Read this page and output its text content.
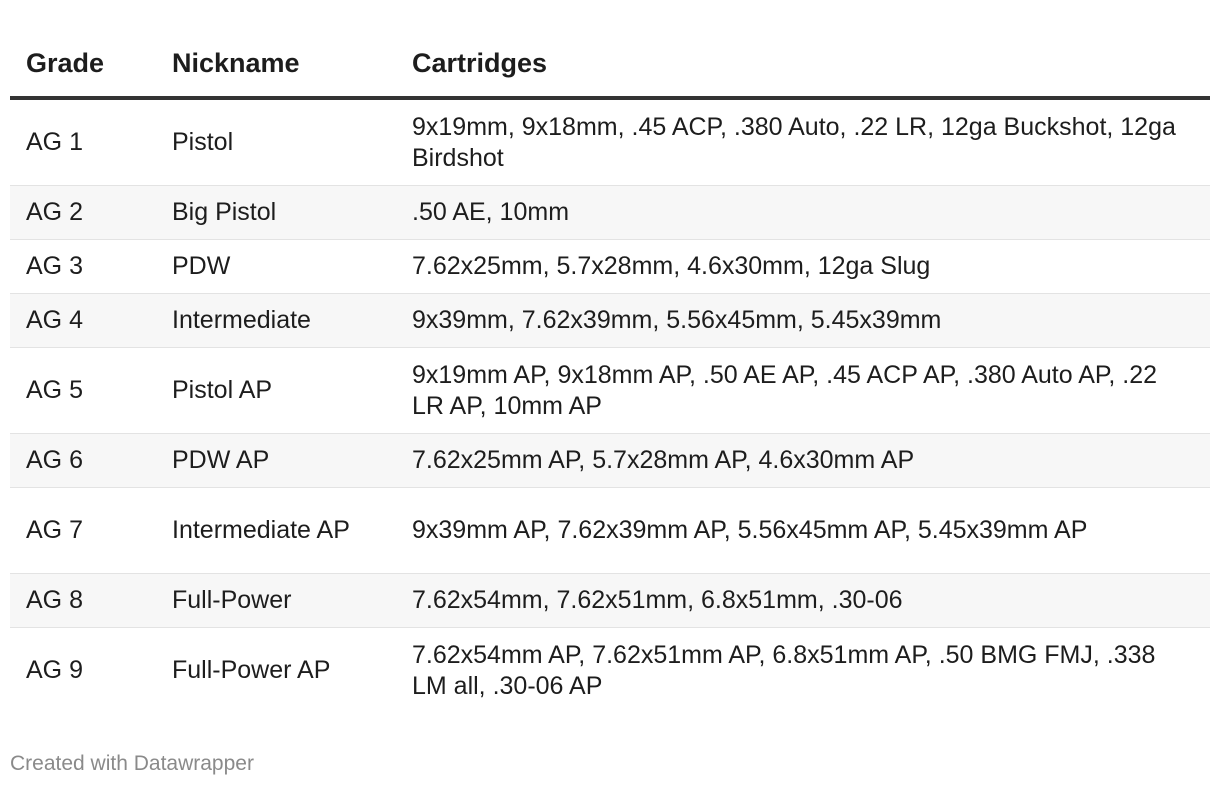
Grade	Nickname	Cartridges
AG 1	Pistol	9x19mm, 9x18mm, .45 ACP, .380 Auto, .22 LR, 12ga Buckshot, 12ga Birdshot
AG 2	Big Pistol	.50 AE, 10mm
AG 3	PDW	7.62x25mm, 5.7x28mm, 4.6x30mm, 12ga Slug
AG 4	Intermediate	9x39mm, 7.62x39mm, 5.56x45mm, 5.45x39mm
AG 5	Pistol AP	9x19mm AP, 9x18mm AP, .50 AE AP, .45 ACP AP, .380 Auto AP, .22 LR AP, 10mm AP
AG 6	PDW AP	7.62x25mm AP, 5.7x28mm AP, 4.6x30mm AP
AG 7	Intermediate AP	9x39mm AP, 7.62x39mm AP, 5.56x45mm AP, 5.45x39mm AP
AG 8	Full-Power	7.62x54mm, 7.62x51mm, 6.8x51mm, .30-06
AG 9	Full-Power AP	7.62x54mm AP, 7.62x51mm AP, 6.8x51mm AP, .50 BMG FMJ, .338 LM all, .30-06 AP
Created with Datawrapper
